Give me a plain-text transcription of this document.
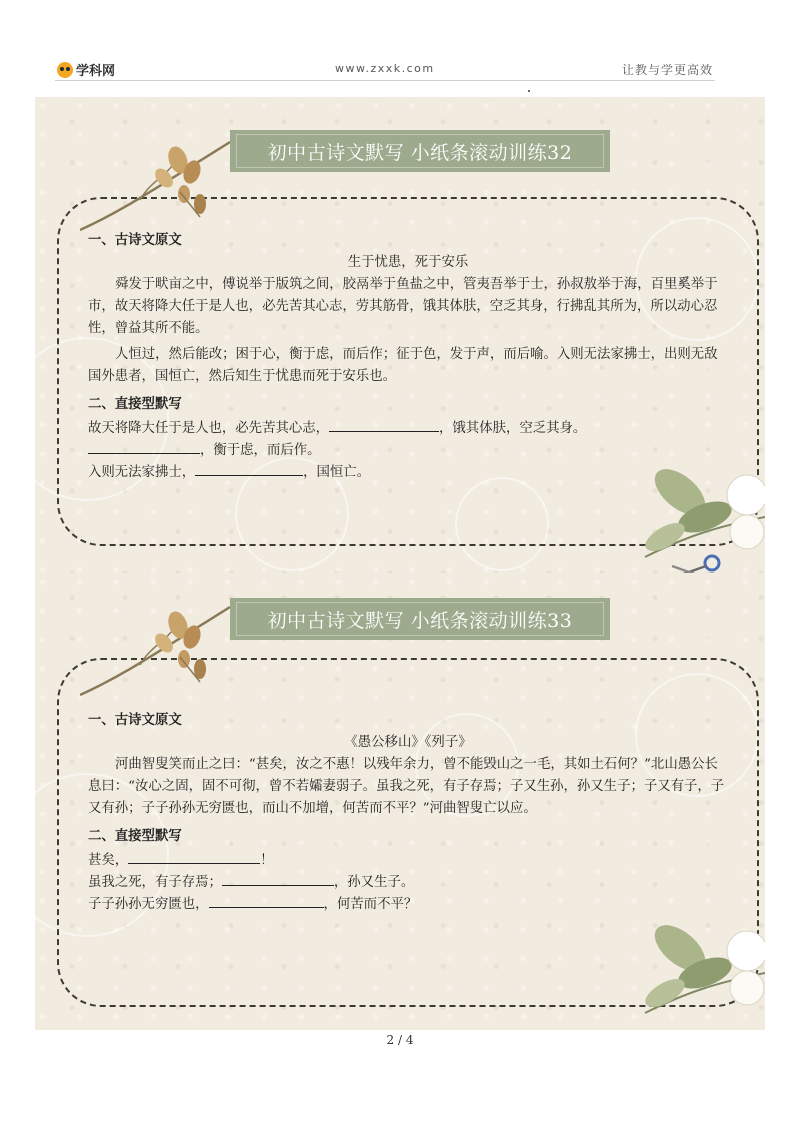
学科网	www.zxxk.com	让教与学更高效
初中古诗文默写 小纸条滚动训练32
初中古诗文默写 小纸条滚动训练33
一、古诗文原文
生于忧患，死于安乐

舜发于畎亩之中，傅说举于版筑之间，胶鬲举于鱼盐之中，管夷吾举于士，孙叔敖举于海，百里奚举于市，故天将降大任于是人也，必先苦其心志，劳其筋骨，饿其体肤，空乏其身，行拂乱其所为，所以动心忍性，曾益其所不能。

人恒过，然后能改；困于心，衡于虑，而后作；征于色，发于声，而后喻。入则无法家拂士，出则无敌国外患者，国恒亡，然后知生于忧患而死于安乐也。

二、直接型默写
故天将降大任于是人也，必先苦其心志，	，饿其体肤，空乏其身。
，衡于虑，而后作。
入则无法家拂士，	，国恒亡。
一、古诗文原文
《愚公移山》《列子》

河曲智叟笑而止之曰：“甚矣，汝之不惠！以残年余力，曾不能毁山之一毛，其如土石何？”北山愚公长息曰：“汝心之固，固不可彻，曾不若孀妻弱子。虽我之死，有子存焉；子又生孙，孙又生子；子又有子，子又有孙；子子孙孙无穷匮也，而山不加增，何苦而不平？”河曲智叟亡以应。

二、直接型默写
甚矣，	！
虽我之死，有子存焉；	，孙又生子。
子子孙孙无穷匮也，	，何苦而不平？
2 / 4
